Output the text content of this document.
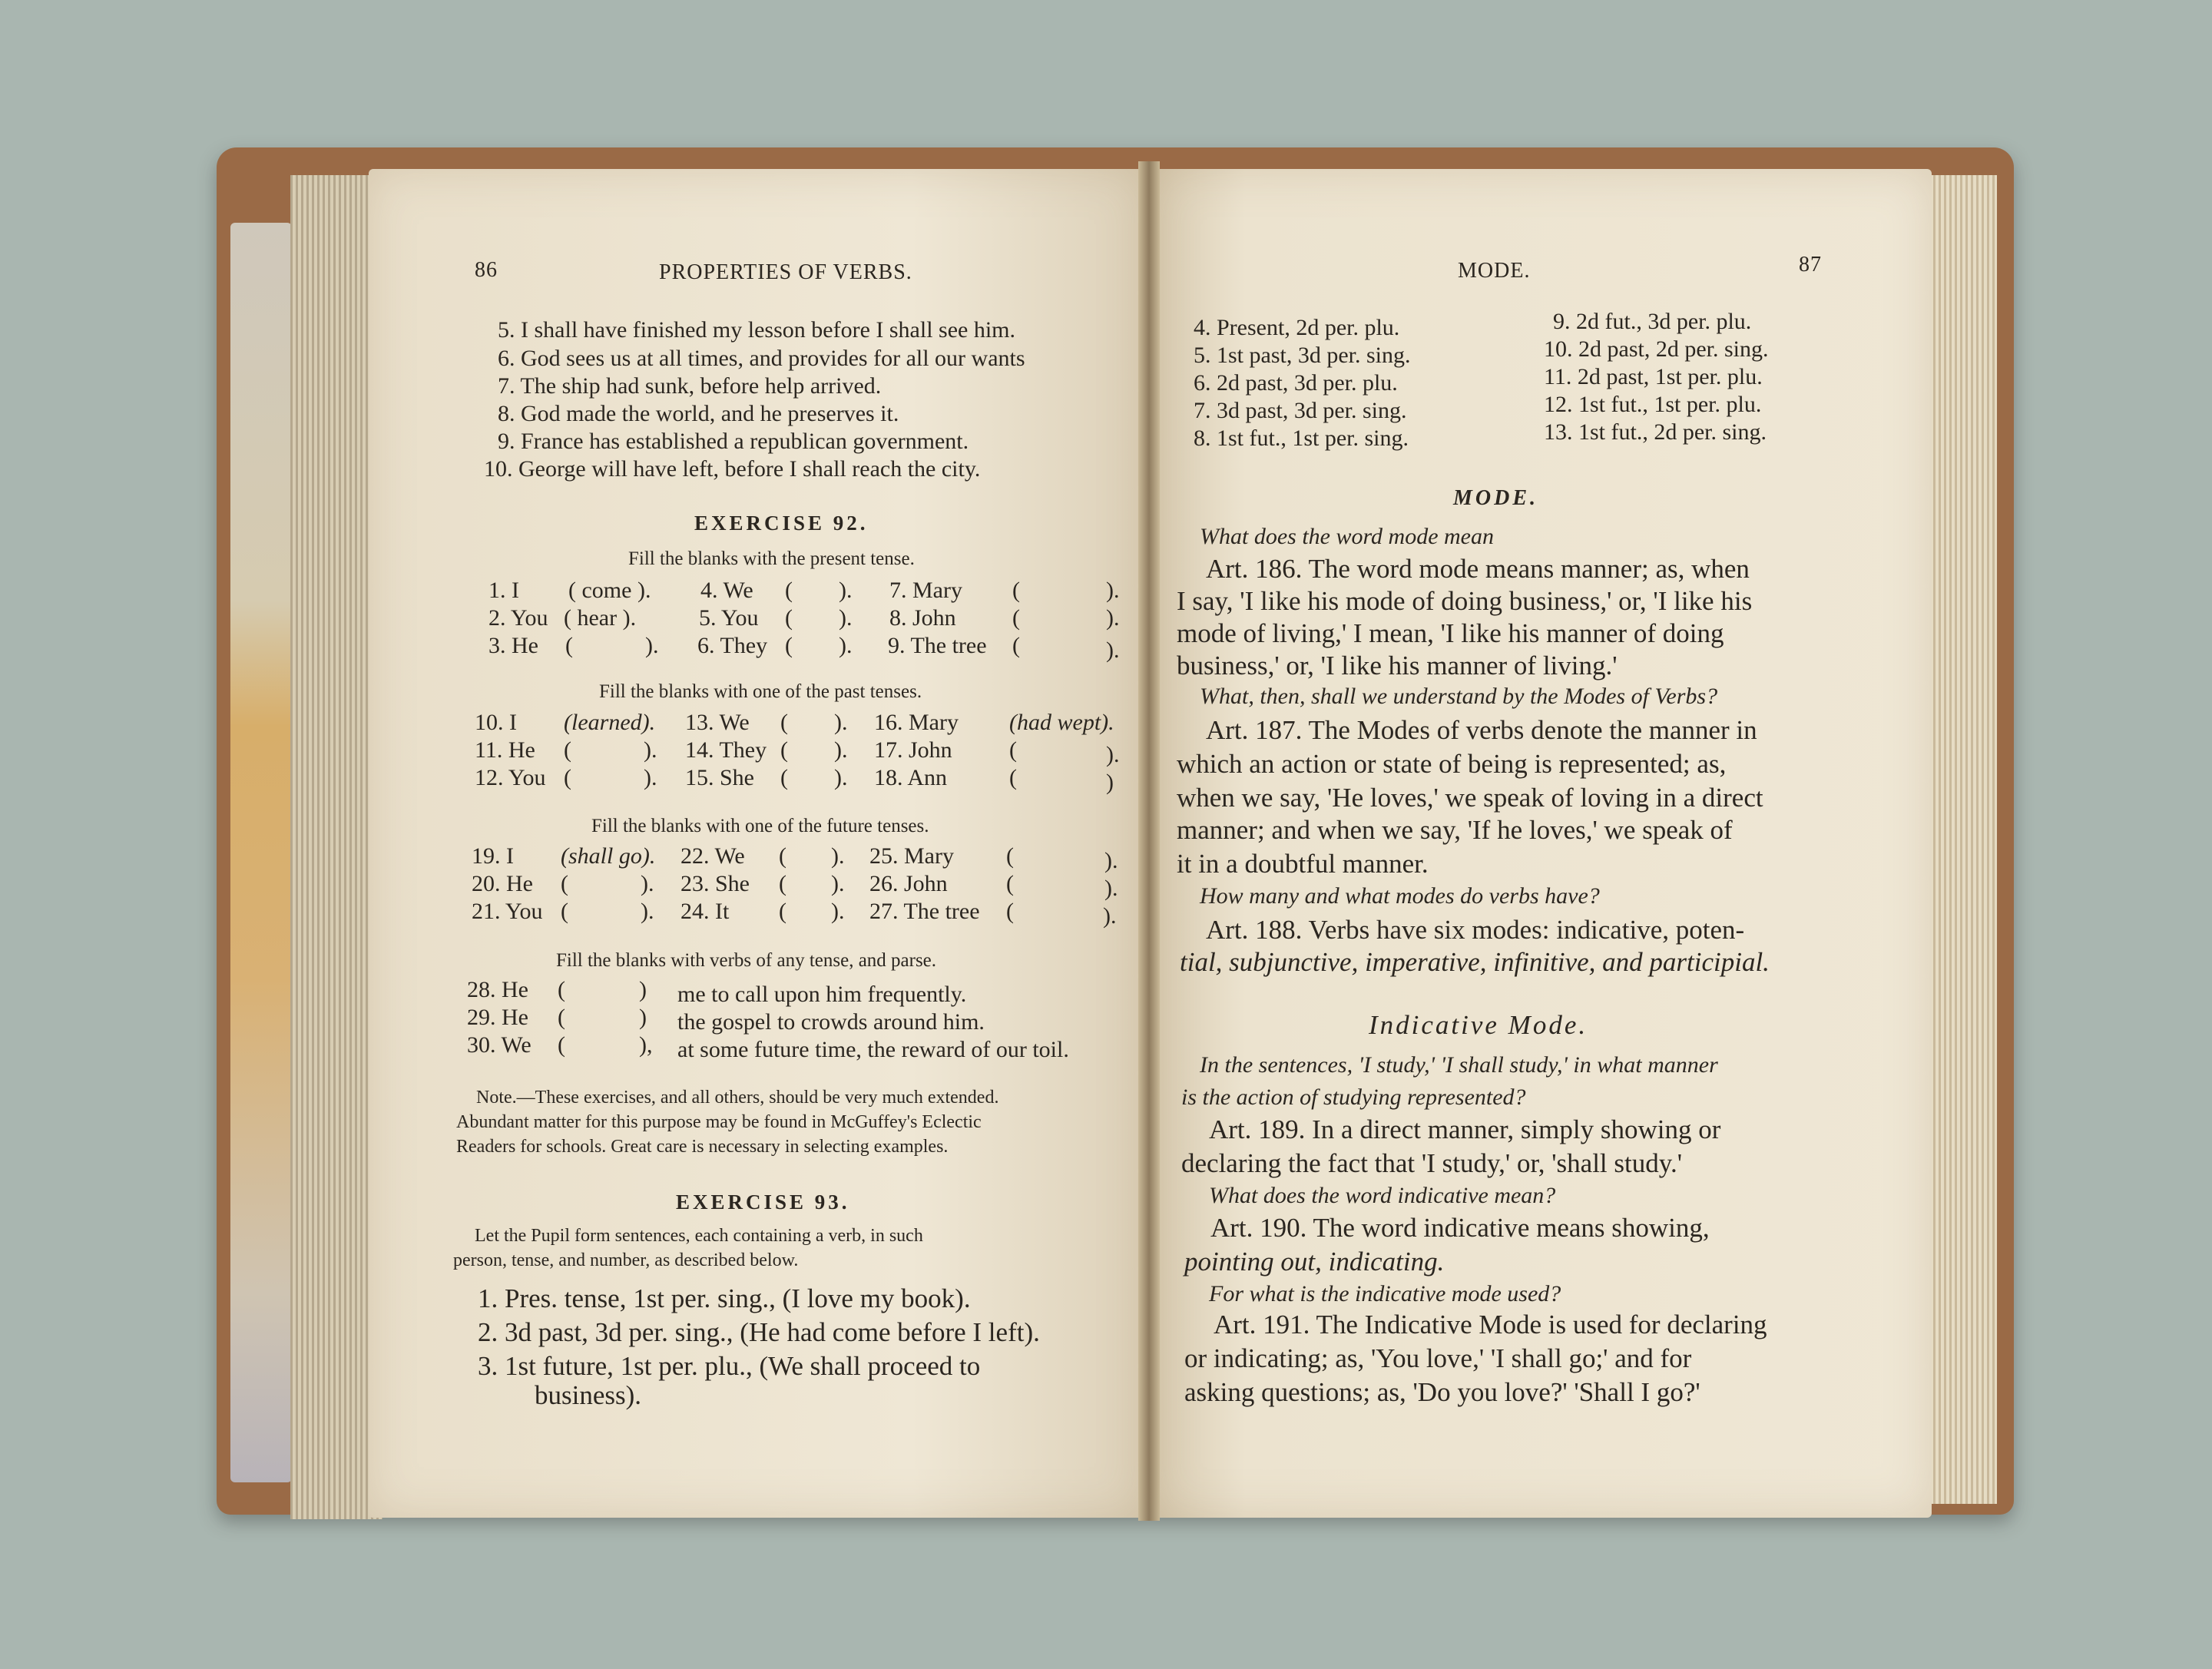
86	PROPERTIES OF VERBS.
5. I shall have finished my lesson before I shall see him.
6. God sees us at all times, and provides for all our wants
7. The ship had sunk, before help arrived.
8. God made the world, and he preserves it.
9. France has established a republican government.
10. George will have left, before I shall reach the city.
EXERCISE 92.
Fill the blanks with the present tense.
1. I ( come ). 4. We ( ). 7. Mary (	).
2. You ( hear ).	5. You ( ). 8. John (	).
3. He (	). 6. They ( ). 9. The tree (	).
Fill the blanks with one of the past tenses.
10. I (learned). 13. We ( ). 16. Mary (had wept).
11. He (	). 14. They ( ). 17. John (	).
12. You (	). 15. She ( ). 18. Ann	(	)
Fill the blanks with one of the future tenses.
19. I (shall go). 22. We ( ). 25. Mary (	).
20. He (	). 23. She ( ). 26. John	(	).
21. You (	). 24. It ( ). 27. The tree (	).
Fill the blanks with verbs of any tense, and parse.
28. He (	) me to call upon him frequently.
29. He (	) the gospel to crowds around him.
30. We (	), at some future time, the reward of our toil.
Note.—These exercises, and all others, should be very much extended.
Abundant matter for this purpose may be found in McGuffey's Eclectic
Readers for schools. Great care is necessary in selecting examples.
EXERCISE 93.
Let the Pupil form sentences, each containing a verb, in such
person, tense, and number, as described below.
1. Pres. tense, 1st per. sing., (I love my book).
2. 3d past, 3d per. sing., (He had come before I left).
3. 1st future, 1st per. plu., (We shall proceed to
business).
MODE.	87
4. Present, 2d per. plu.
5. 1st past, 3d per. sing.
6. 2d past, 3d per. plu.
7. 3d past, 3d per. sing.
8. 1st fut., 1st per. sing.
9. 2d fut., 3d per. plu.
10. 2d past, 2d per. sing.
11. 2d past, 1st per. plu.
12. 1st fut., 1st per. plu.
13. 1st fut., 2d per. sing.
MODE.
What does the word mode mean
Art. 186. The word mode means manner; as, when
I say, 'I like his mode of doing business,' or, 'I like his
mode of living,' I mean, 'I like his manner of doing
business,' or, 'I like his manner of living.'
What, then, shall we understand by the Modes of Verbs?
Art. 187. The Modes of verbs denote the manner in
which an action or state of being is represented; as,
when we say, 'He loves,' we speak of loving in a direct
manner; and when we say, 'If he loves,' we speak of
it in a doubtful manner.
How many and what modes do verbs have?
Art. 188. Verbs have six modes: indicative, poten-
tial, subjunctive, imperative, infinitive, and participial.
Indicative Mode.
In the sentences, 'I study,' 'I shall study,' in what manner
is the action of studying represented?
Art. 189. In a direct manner, simply showing or
declaring the fact that 'I study,' or, 'shall study.'
What does the word indicative mean?
Art. 190. The word indicative means showing,
pointing out, indicating.
For what is the indicative mode used?
Art. 191. The Indicative Mode is used for declaring
or indicating; as, 'You love,' 'I shall go;' and for
asking questions; as, 'Do you love?' 'Shall I go?'
